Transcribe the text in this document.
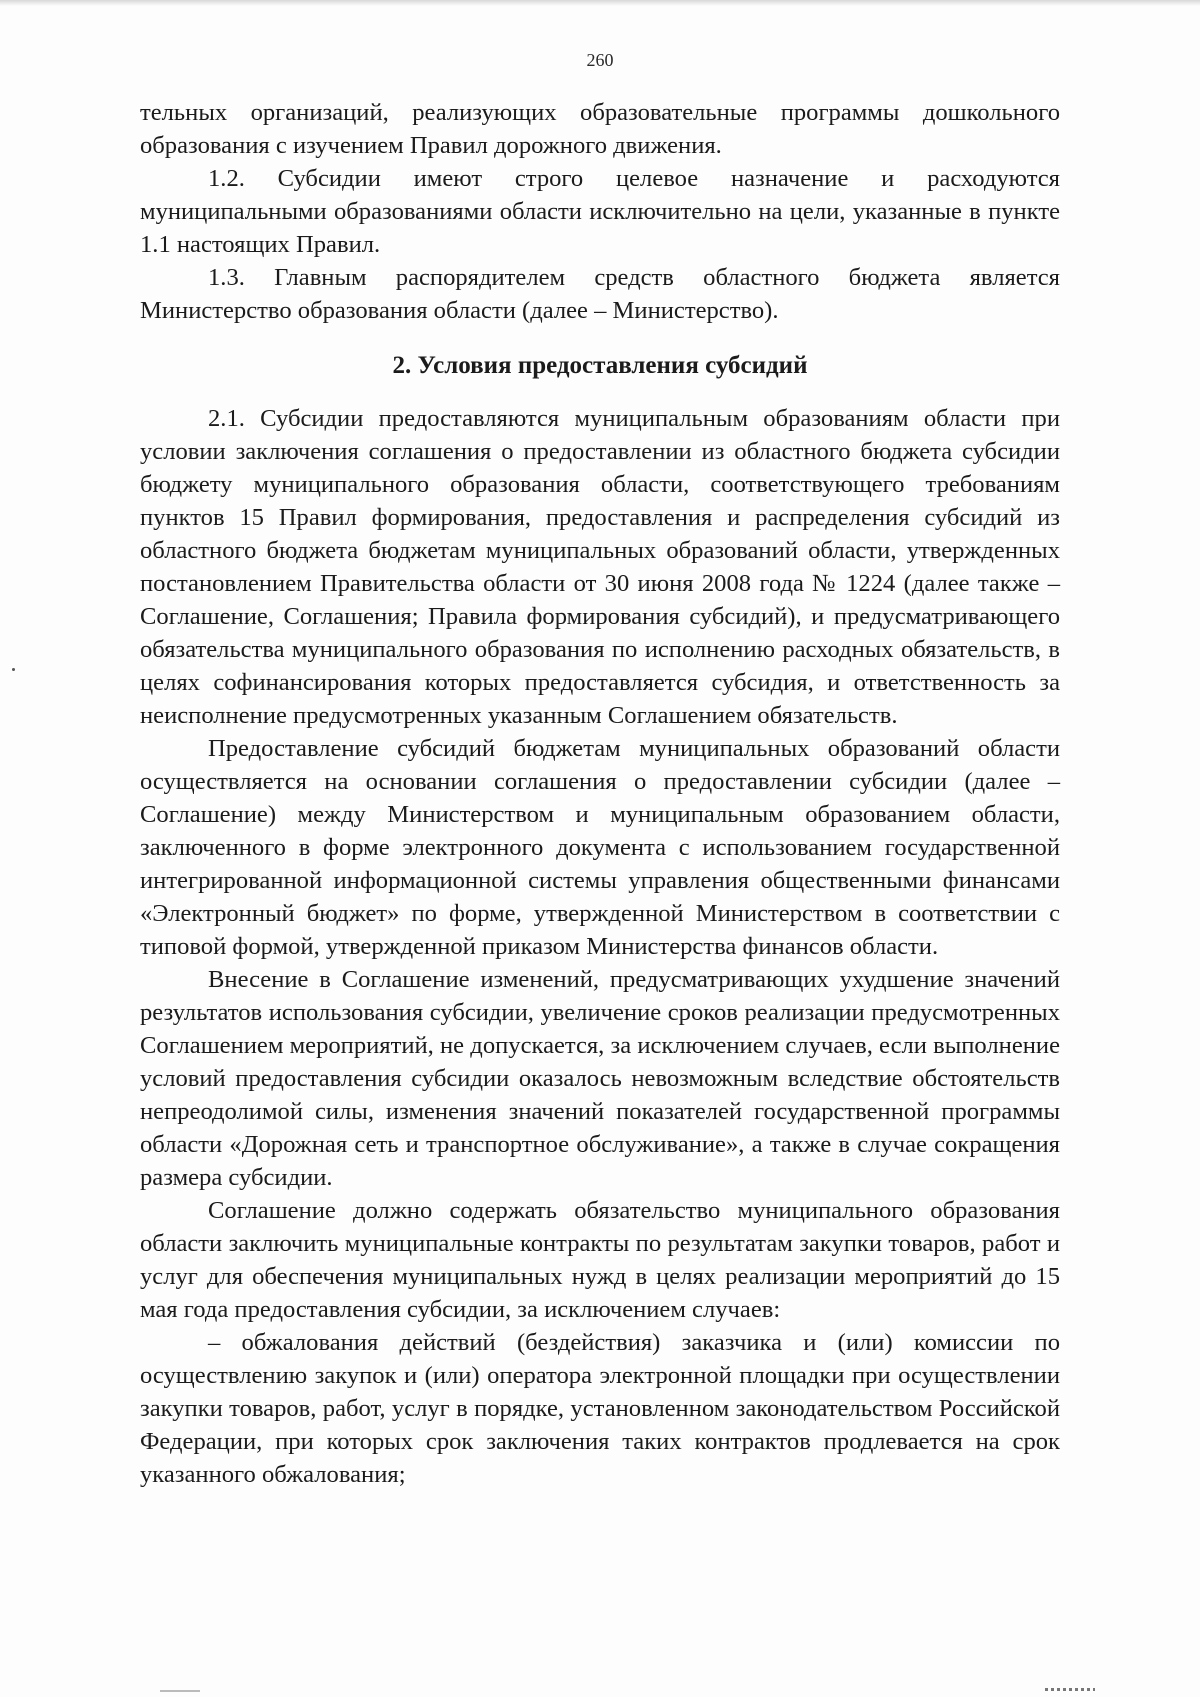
260

тельных организаций, реализующих образовательные программы дошкольного образования с изучением Правил дорожного движения.

1.2. Субсидии имеют строго целевое назначение и расходуются муниципальными образованиями области исключительно на цели, указанные в пункте 1.1 настоящих Правил.

1.3. Главным распорядителем средств областного бюджета является Министерство образования области (далее – Министерство).

2. Условия предоставления субсидий

2.1. Субсидии предоставляются муниципальным образованиям области при условии заключения соглашения о предоставлении из областного бюджета субсидии бюджету муниципального образования области, соответствующего требованиям пунктов 15 Правил формирования, предоставления и распределения субсидий из областного бюджета бюджетам муниципальных образований области, утвержденных постановлением Правительства области от 30 июня 2008 года № 1224 (далее также – Соглашение, Соглашения; Правила формирования субсидий), и предусматривающего обязательства муниципального образования по исполнению расходных обязательств, в целях софинансирования которых предоставляется субсидия, и ответственность за неисполнение предусмотренных указанным Соглашением обязательств.

Предоставление субсидий бюджетам муниципальных образований области осуществляется на основании соглашения о предоставлении субсидии (далее – Соглашение) между Министерством и муниципальным образованием области, заключенного в форме электронного документа с использованием государственной интегрированной информационной системы управления общественными финансами «Электронный бюджет» по форме, утвержденной Министерством в соответствии с типовой формой, утвержденной приказом Министерства финансов области.

Внесение в Соглашение изменений, предусматривающих ухудшение значений результатов использования субсидии, увеличение сроков реализации предусмотренных Соглашением мероприятий, не допускается, за исключением случаев, если выполнение условий предоставления субсидии оказалось невозможным вследствие обстоятельств непреодолимой силы, изменения значений показателей государственной программы области «Дорожная сеть и транспортное обслуживание», а также в случае сокращения размера субсидии.

Соглашение должно содержать обязательство муниципального образования области заключить муниципальные контракты по результатам закупки товаров, работ и услуг для обеспечения муниципальных нужд в целях реализации мероприятий до 15 мая года предоставления субсидии, за исключением случаев:

– обжалования действий (бездействия) заказчика и (или) комиссии по осуществлению закупок и (или) оператора электронной площадки при осуществлении закупки товаров, работ, услуг в порядке, установленном законодательством Российской Федерации, при которых срок заключения таких контрактов продлевается на срок указанного обжалования;
